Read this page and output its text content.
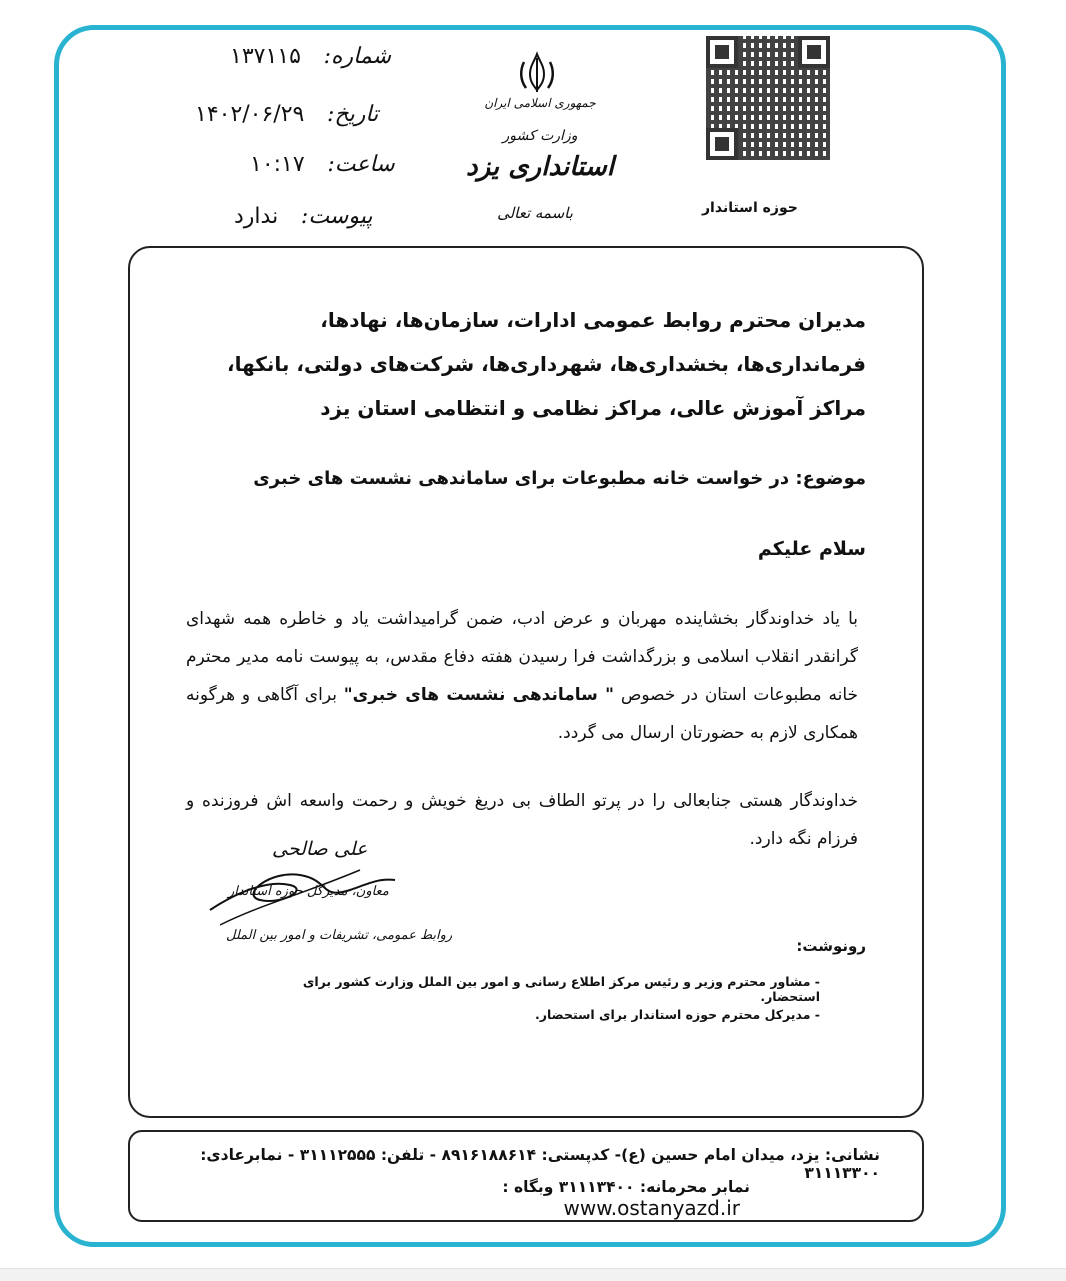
شماره: ۱۳۷۱۱۵
تاریخ: ۱۴۰۲/۰۶/۲۹
ساعت: ۱۰:۱۷
پیوست: ندارد
جمهوری اسلامی ایران
وزارت کشور
استانداری یزد
باسمه تعالی	حوزه استاندار
مدیران محترم روابط عمومی ادارات، سازمان‌ها، نهادها، فرمانداری‌ها، بخشداری‌ها، شهرداری‌ها، شرکت‌های دولتی، بانکها، مراکز آموزش عالی، مراکز نظامی و انتظامی استان یزد
موضوع: در خواست خانه مطبوعات برای ساماندهی نشست های خبری
سلام علیکم
با یاد خداوندگار بخشاینده مهربان و عرض ادب، ضمن گرامیداشت یاد و خاطره همه شهدای گرانقدر انقلاب اسلامی و بزرگداشت فرا رسیدن هفته دفاع مقدس، به پیوست نامه مدیر محترم خانه مطبوعات استان در خصوص " ساماندهی نشست های خبری" برای آگاهی و هرگونه همکاری لازم به حضورتان ارسال می گردد.
خداوندگار هستی جنابعالی را در پرتو الطاف بی دریغ خویش و رحمت واسعه اش فروزنده و فرزام نگه دارد.
علی صالحی
معاون، مدیرکل حوزه استاندار
روابط عمومی، تشریفات و امور بین الملل
رونوشت:
- مشاور محترم وزیر و رئیس مرکز اطلاع رسانی و امور بین الملل وزارت کشور برای استحضار.
- مدیرکل محترم حوزه استاندار برای استحضار.
نشانی: یزد، میدان امام حسین (ع)- کدپستی: ۸۹۱۶۱۸۸۶۱۴ - تلفن: ۳۱۱۱۲۵۵۵ - نمابرعادی: ۳۱۱۱۳۳۰۰
نمابر محرمانه: ۳۱۱۱۳۴۰۰ وبگاه : www.ostanyazd.ir
